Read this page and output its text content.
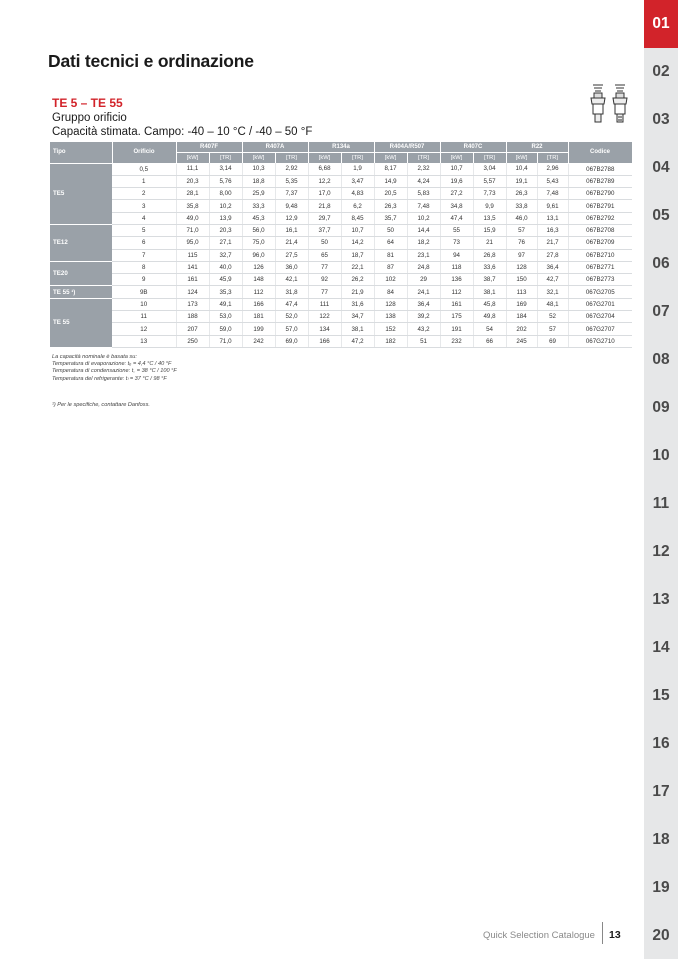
Dati tecnici e ordinazione
TE 5 – TE 55
Gruppo orificio
Capacità stimata. Campo: -40 – 10 °C / -40 – 50 °F
Tipo	Orificio	R407F		R407A		R134a		R404A/R507		R407C		R22		Codice
		[kW]	[TR]	[kW]	[TR]	[kW]	[TR]	[kW]	[TR]	[kW]	[TR]	[kW]	[TR]	
TE5	0,5	11,1	3,14	10,3	2,92	6,68	1,9	8,17	2,32	10,7	3,04	10,4	2,96	067B2788
	1	20,3	5,76	18,8	5,35	12,2	3,47	14,9	4,24	19,6	5,57	19,1	5,43	067B2789
	2	28,1	8,00	25,9	7,37	17,0	4,83	20,5	5,83	27,2	7,73	26,3	7,48	067B2790
	3	35,8	10,2	33,3	9,48	21,8	6,2	26,3	7,48	34,8	9,9	33,8	9,61	067B2791
	4	49,0	13,9	45,3	12,9	29,7	8,45	35,7	10,2	47,4	13,5	46,0	13,1	067B2792
TE12	5	71,0	20,3	56,0	16,1	37,7	10,7	50	14,4	55	15,9	57	16,3	067B2708
	6	95,0	27,1	75,0	21,4	50	14,2	64	18,2	73	21	76	21,7	067B2709
	7	115	32,7	96,0	27,5	65	18,7	81	23,1	94	26,8	97	27,8	067B2710
TE20	8	141	40,0	126	36,0	77	22,1	87	24,8	118	33,6	128	36,4	067B2771
	9	161	45,9	148	42,1	92	26,2	102	29	136	38,7	150	42,7	067B2773
TE 55 ¹)	9B	124	35,3	112	31,8	77	21,9	84	24,1	112	38,1	113	32,1	067G2705
TE 55	10	173	49,1	166	47,4	111	31,6	128	36,4	161	45,8	169	48,1	067G2701
	11	188	53,0	181	52,0	122	34,7	138	39,2	175	49,8	184	52	067G2704
	12	207	59,0	199	57,0	134	38,1	152	43,2	191	54	202	57	067G2707
	13	250	71,0	242	69,0	166	47,2	182	51	232	66	245	69	067G2710
La capacità nominale è basata su:
Temperatura di evaporazione: tₑ = 4,4 °C / 40 °F
Temperatura di condensazione: t꜀ = 38 °C / 100 °F
Temperatura del refrigerante: tₗ = 37 °C / 98 °F
¹) Per le specifiche, contattare Danfoss.
01
02
03
04
05
06
07
08
09
10
11
12
13
14
15
16
17
18
19
20
Quick Selection Catalogue 13
